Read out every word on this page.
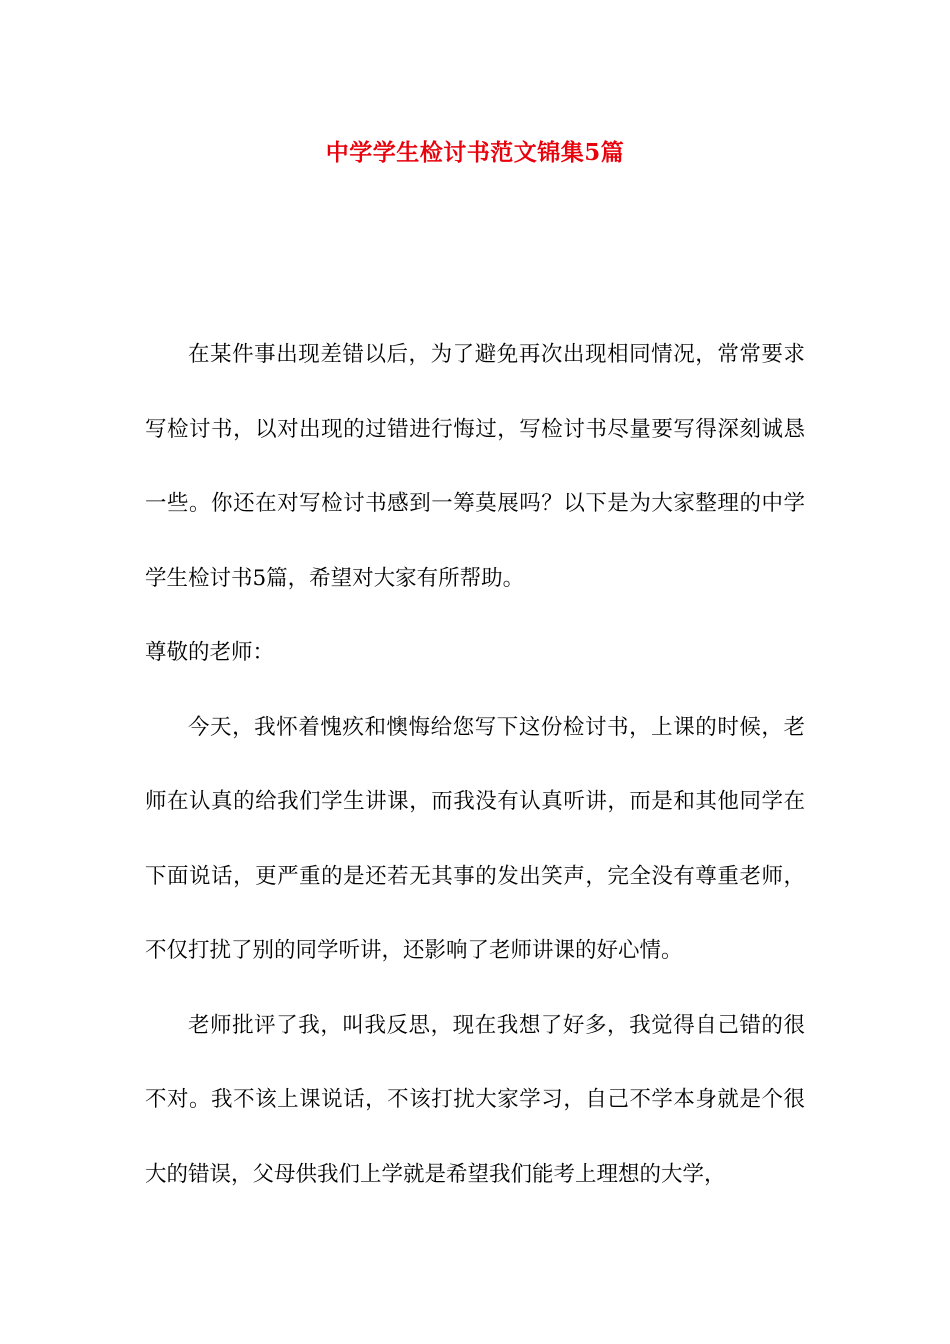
中学学生检讨书范文锦集5篇

在某件事出现差错以后，为了避免再次出现相同情况，常常要求写检讨书，以对出现的过错进行悔过，写检讨书尽量要写得深刻诚恳一些。你还在对写检讨书感到一筹莫展吗？以下是为大家整理的中学学生检讨书5篇，希望对大家有所帮助。

尊敬的老师：

今天，我怀着愧疚和懊悔给您写下这份检讨书，上课的时候，老师在认真的给我们学生讲课，而我没有认真听讲，而是和其他同学在下面说话，更严重的是还若无其事的发出笑声，完全没有尊重老师，不仅打扰了别的同学听讲，还影响了老师讲课的好心情。

老师批评了我，叫我反思，现在我想了好多，我觉得自己错的很不对。我不该上课说话，不该打扰大家学习，自己不学本身就是个很大的错误，父母供我们上学就是希望我们能考上理想的大学，
